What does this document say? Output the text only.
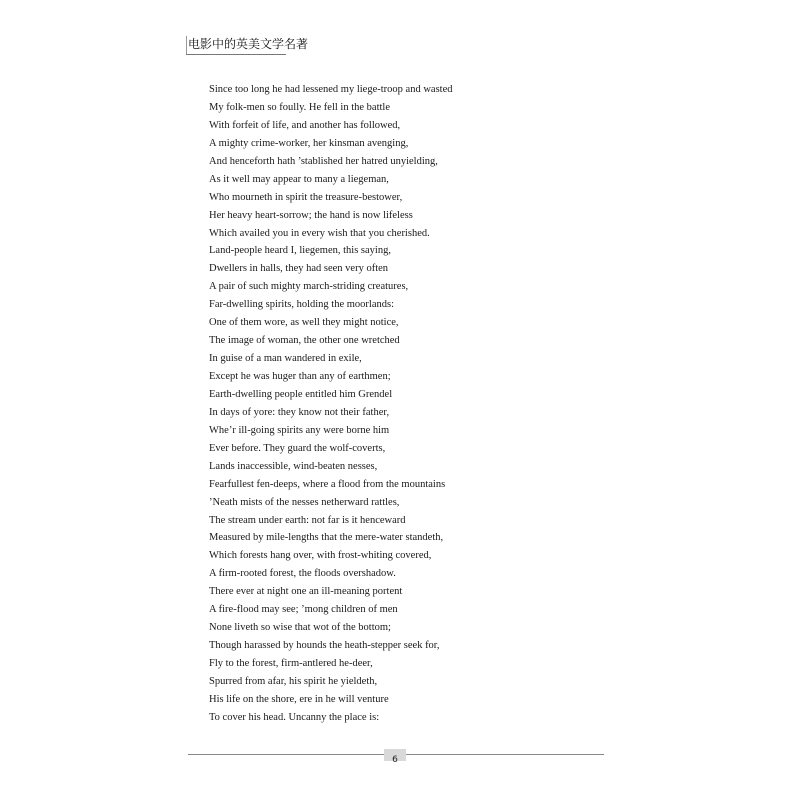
电影中的英美文学名著
Since too long he had lessened my liege-troop and wasted
My folk-men so foully. He fell in the battle
With forfeit of life, and another has followed,
A mighty crime-worker, her kinsman avenging,
And henceforth hath ’stablished her hatred unyielding,
As it well may appear to many a liegeman,
Who mourneth in spirit the treasure-bestower,
Her heavy heart-sorrow; the hand is now lifeless
Which availed you in every wish that you cherished.
Land-people heard I, liegemen, this saying,
Dwellers in halls, they had seen very often
A pair of such mighty march-striding creatures,
Far-dwelling spirits, holding the moorlands:
One of them wore, as well they might notice,
The image of woman, the other one wretched
In guise of a man wandered in exile,
Except he was huger than any of earthmen;
Earth-dwelling people entitled him Grendel
In days of yore: they know not their father,
Whe’r ill-going spirits any were borne him
Ever before. They guard the wolf-coverts,
Lands inaccessible, wind-beaten nesses,
Fearfullest fen-deeps, where a flood from the mountains
’Neath mists of the nesses netherward rattles,
The stream under earth: not far is it henceward
Measured by mile-lengths that the mere-water standeth,
Which forests hang over, with frost-whiting covered,
A firm-rooted forest, the floods overshadow.
There ever at night one an ill-meaning portent
A fire-flood may see; ’mong children of men
None liveth so wise that wot of the bottom;
Though harassed by hounds the heath-stepper seek for,
Fly to the forest, firm-antlered he-deer,
Spurred from afar, his spirit he yieldeth,
His life on the shore, ere in he will venture
To cover his head. Uncanny the place is:
6
